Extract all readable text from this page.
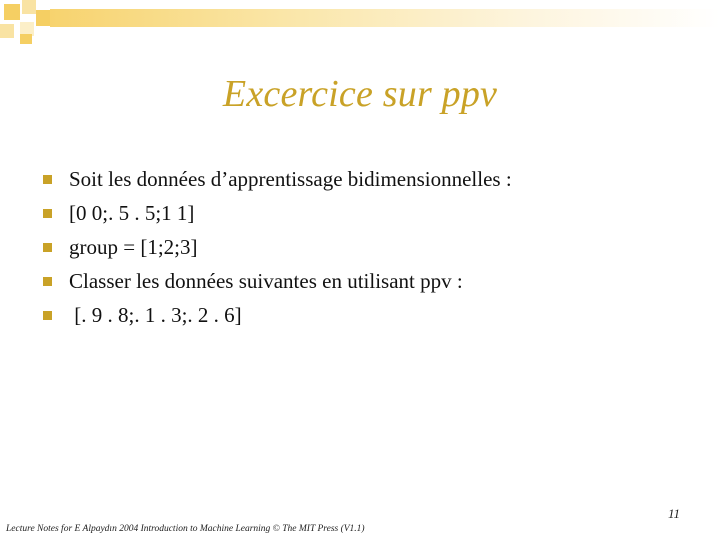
Excercice sur ppv
Soit les données d’apprentissage bidimensionnelles :
[0 0;. 5 . 5;1 1]
group = [1;2;3]
Classer les données suivantes en utilisant ppv :
[. 9 . 8;. 1 . 3;. 2 . 6]
11
Lecture Notes for E Alpaydın 2004 Introduction to Machine Learning © The MIT Press (V1.1)
